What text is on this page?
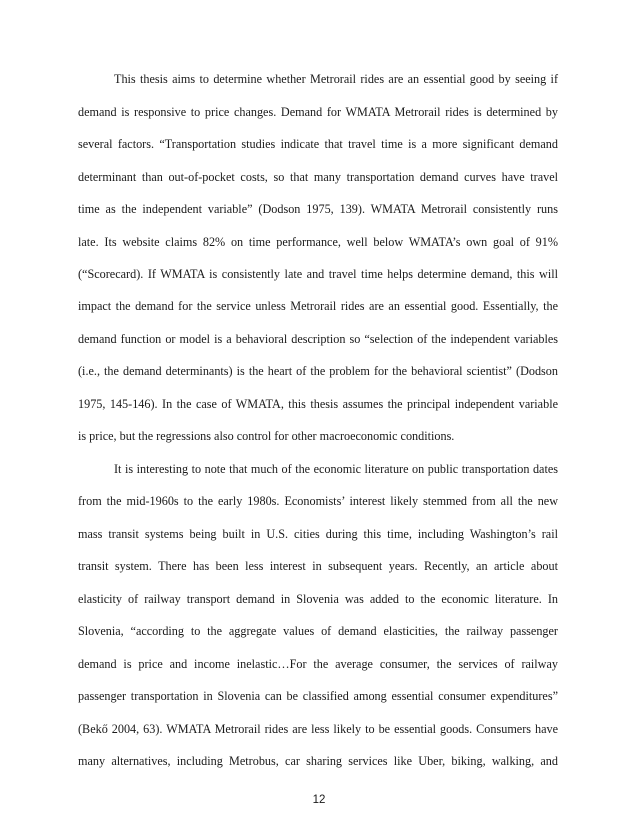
This thesis aims to determine whether Metrorail rides are an essential good by seeing if
demand is responsive to price changes. Demand for WMATA Metrorail rides is determined by
several factors. “Transportation studies indicate that travel time is a more significant demand
determinant than out-of-pocket costs, so that many transportation demand curves have travel
time as the independent variable” (Dodson 1975, 139). WMATA Metrorail consistently runs
late. Its website claims 82% on time performance, well below WMATA’s own goal of 91%
(“Scorecard). If WMATA is consistently late and travel time helps determine demand, this will
impact the demand for the service unless Metrorail rides are an essential good. Essentially, the
demand function or model is a behavioral description so “selection of the independent variables
(i.e., the demand determinants) is the heart of the problem for the behavioral scientist” (Dodson
1975, 145-146). In the case of WMATA, this thesis assumes the principal independent variable
is price, but the regressions also control for other macroeconomic conditions.
It is interesting to note that much of the economic literature on public transportation dates
from the mid-1960s to the early 1980s. Economists’ interest likely stemmed from all the new
mass transit systems being built in U.S. cities during this time, including Washington’s rail
transit system. There has been less interest in subsequent years. Recently, an article about
elasticity of railway transport demand in Slovenia was added to the economic literature. In
Slovenia, “according to the aggregate values of demand elasticities, the railway passenger
demand is price and income inelastic…For the average consumer, the services of railway
passenger transportation in Slovenia can be classified among essential consumer expenditures”
(Bekő 2004, 63). WMATA Metrorail rides are less likely to be essential goods. Consumers have
many alternatives, including Metrobus, car sharing services like Uber, biking, walking, and
12
